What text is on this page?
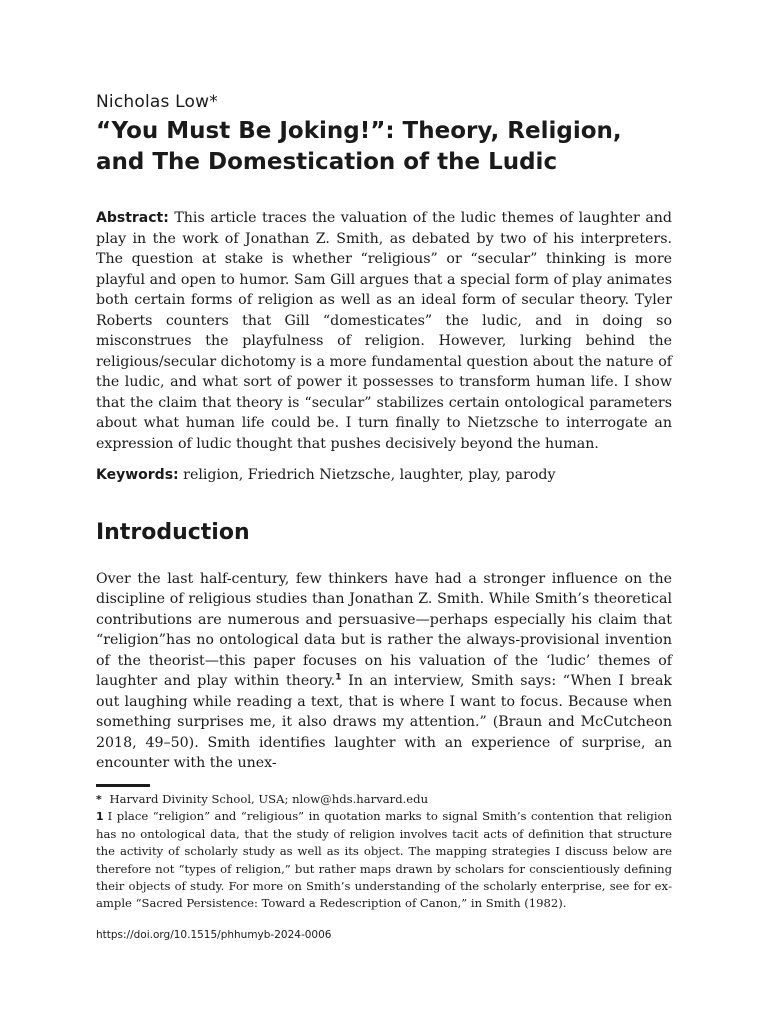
Nicholas Low*

“You Must Be Joking!”: Theory, Religion, and The Domestication of the Ludic

Abstract: This article traces the valuation of the ludic themes of laughter and play in the work of Jonathan Z. Smith, as debated by two of his interpreters. The question at stake is whether “religious” or “secular” thinking is more playful and open to humor. Sam Gill argues that a special form of play animates both certain forms of religion as well as an ideal form of secular theory. Tyler Roberts counters that Gill “domesticates” the ludic, and in doing so misconstrues the playfulness of religion. However, lurking behind the religious/secular dichotomy is a more fundamental question about the nature of the ludic, and what sort of power it possesses to transform human life. I show that the claim that theory is “secular” stabilizes certain ontological parameters about what human life could be. I turn finally to Nietzsche to interrogate an expression of ludic thought that pushes decisively beyond the human.

Keywords: religion, Friedrich Nietzsche, laughter, play, parody

Introduction

Over the last half-century, few thinkers have had a stronger influence on the discipline of religious studies than Jonathan Z. Smith. While Smith’s theoretical contributions are numerous and persuasive—perhaps especially his claim that “religion”has no ontological data but is rather the always-provisional invention of the theorist—this paper focuses on his valuation of the ‘ludic’ themes of laughter and play within theory.$^1$ In an interview, Smith says: “When I break out laughing while reading a text, that is where I want to focus. Because when something surprises me, it also draws my attention.” (Braun and McCutcheon 2018, 49–50). Smith identifies laughter with an experience of surprise, an encounter with the unex-

* Harvard Divinity School, USA; nlow@hds.harvard.edu

1 I place “religion” and “religious” in quotation marks to signal Smith’s contention that religion has no ontological data, that the study of religion involves tacit acts of definition that structure the activity of scholarly study as well as its object. The mapping strategies I discuss below are therefore not “types of religion,” but rather maps drawn by scholars for conscientiously defining their objects of study. For more on Smith’s understanding of the scholarly enterprise, see for example “Sacred Persistence: Toward a Redescription of Canon,” in Smith (1982).

https://doi.org/10.1515/phhumyb-2024-0006
